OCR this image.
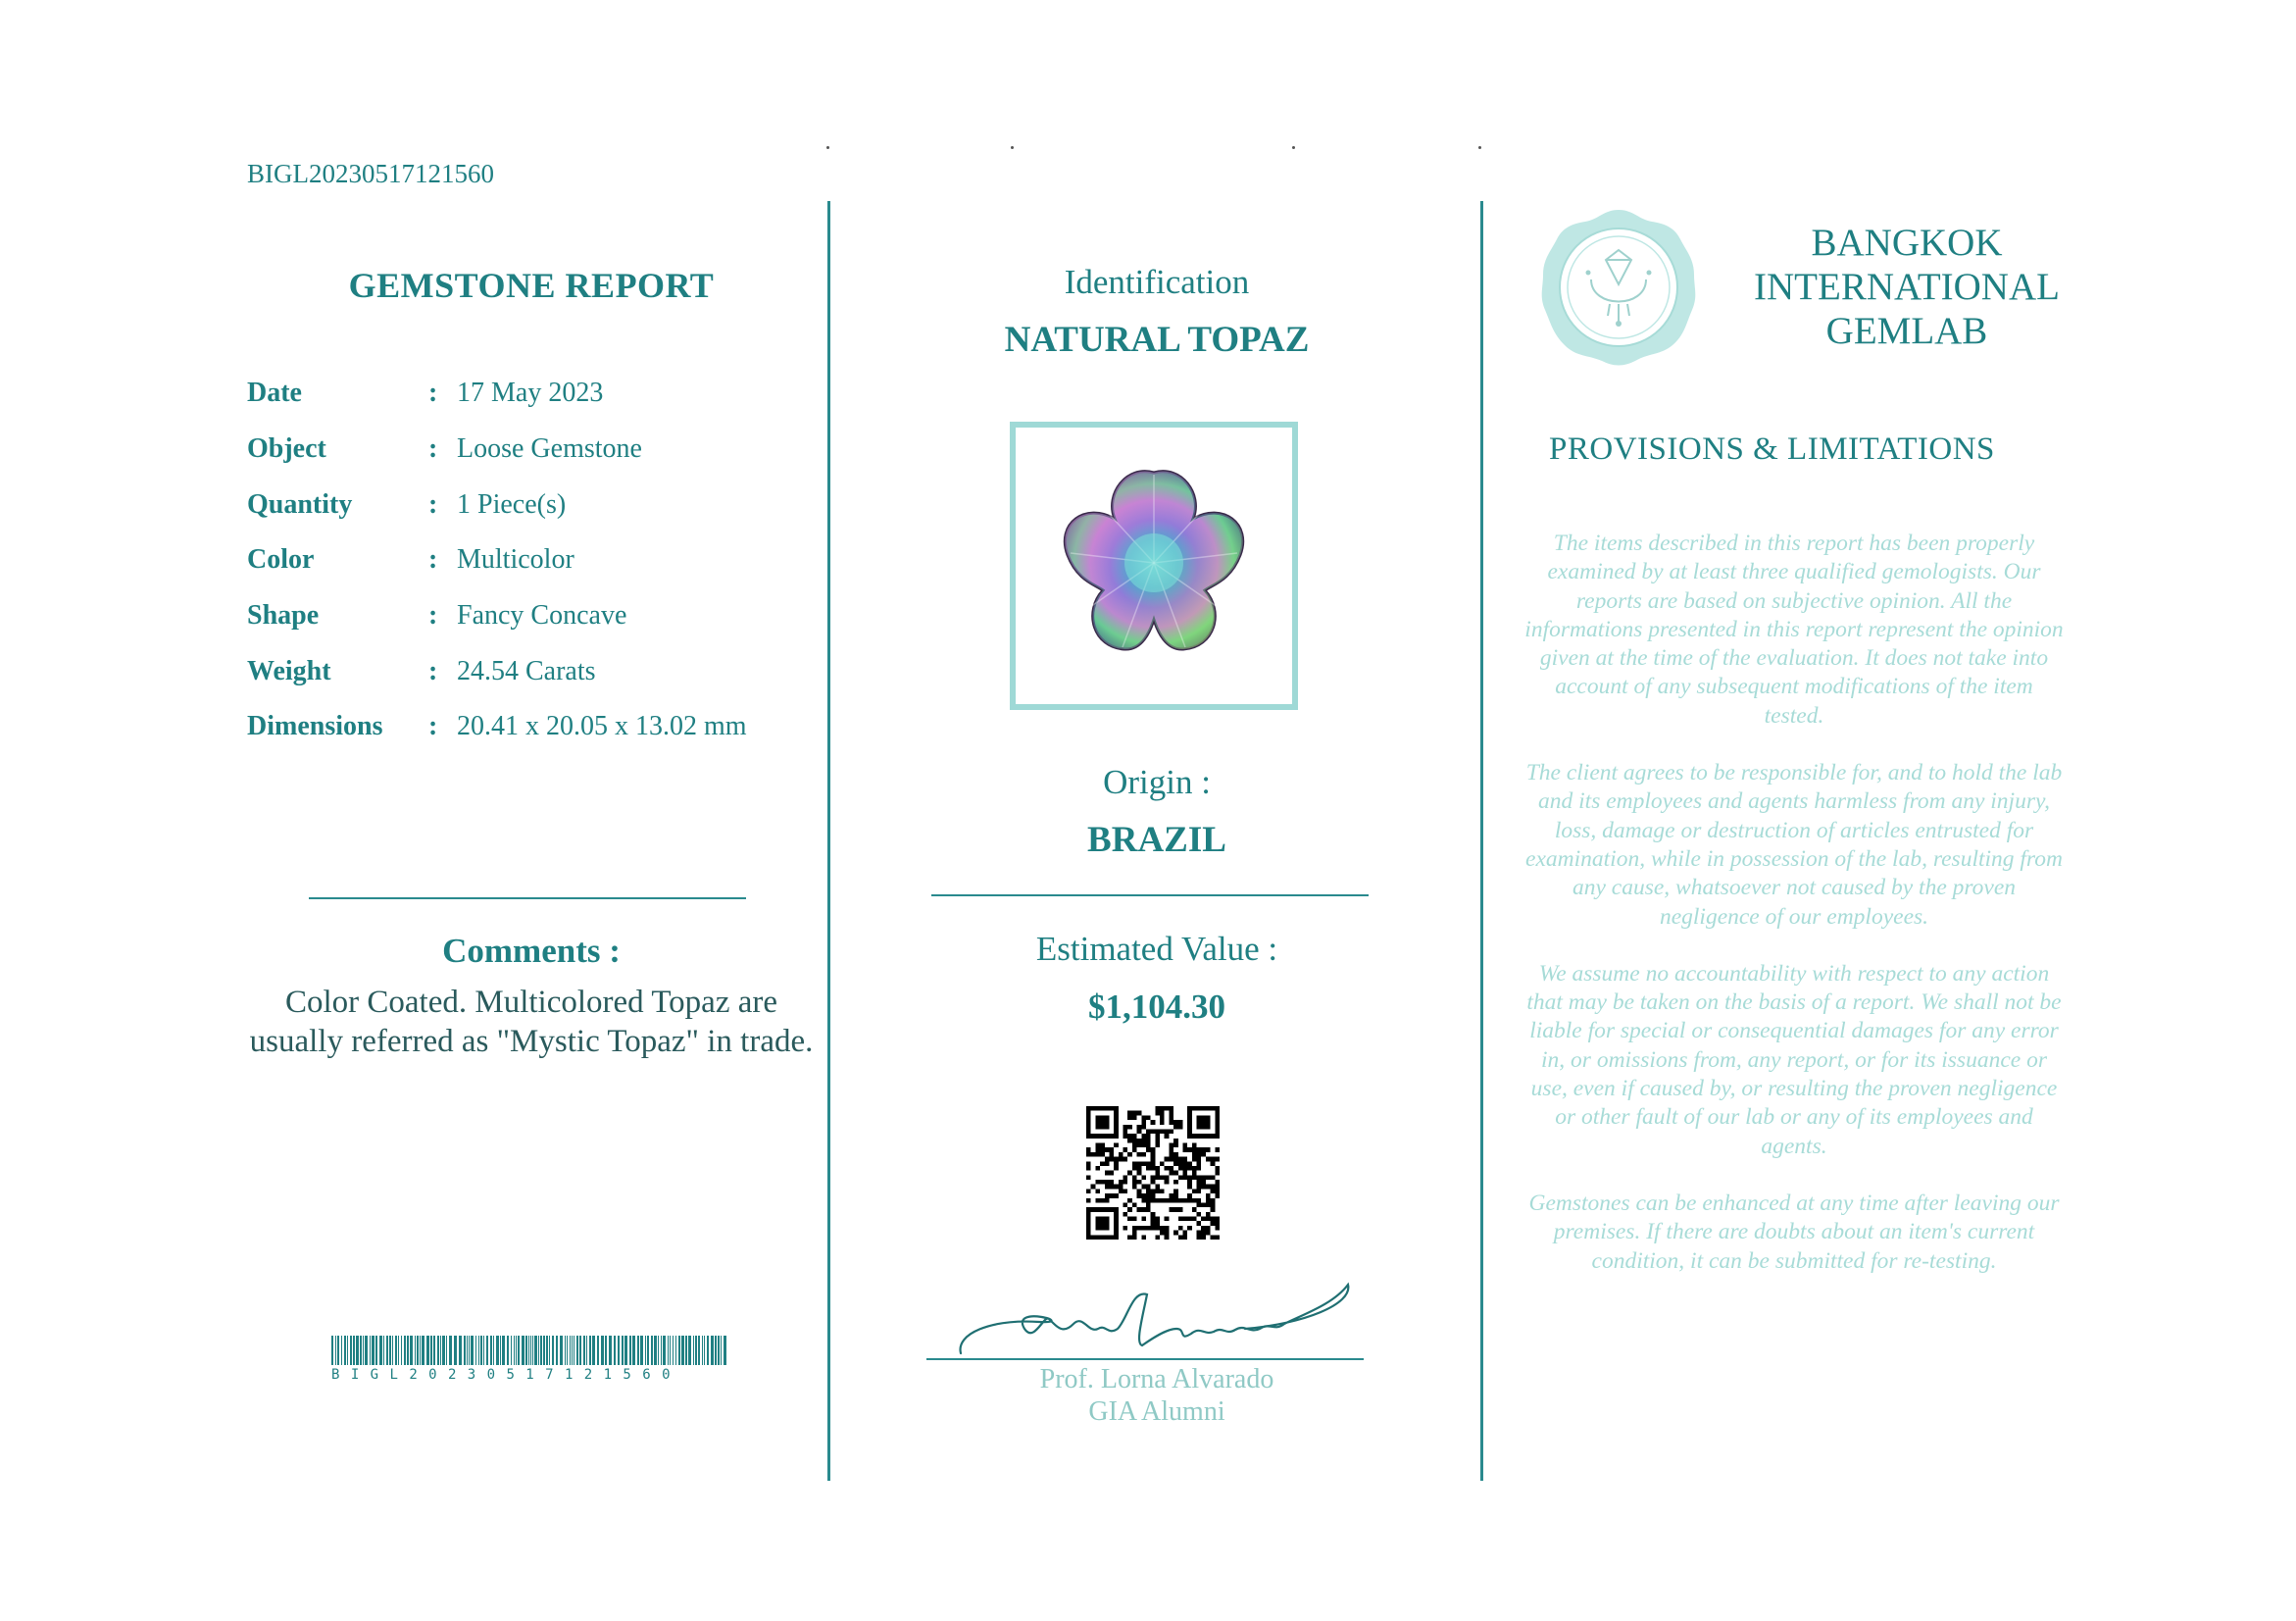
BIGL20230517121560
GEMSTONE REPORT
Date	: 17 May 2023
Object	: Loose Gemstone
Quantity	: 1 Piece(s)
Color	: Multicolor
Shape	: Fancy Concave
Weight	: 24.54 Carats
Dimensions : 20.41 x 20.05 x 13.02 mm
Comments :
Color Coated. Multicolored Topaz are usually referred as "Mystic Topaz" in trade.
BIGL20230517121560
Identification
NATURAL TOPAZ
Origin :
BRAZIL
Estimated Value :
$1,104.30
Prof. Lorna Alvarado
GIA Alumni
BANGKOK
INTERNATIONAL
GEMLAB
PROVISIONS & LIMITATIONS

The items described in this report has been properly examined by at least three qualified gemologists. Our reports are based on subjective opinion. All the informations presented in this report represent the opinion given at the time of the evaluation. It does not take into account of any subsequent modifications of the item tested.

The client agrees to be responsible for, and to hold the lab and its employees and agents harmless from any injury, loss, damage or destruction of articles entrusted for examination, while in possession of the lab, resulting from any cause, whatsoever not caused by the proven negligence of our employees.

We assume no accountability with respect to any action that may be taken on the basis of a report. We shall not be liable for special or consequential damages for any error in, or omissions from, any report, or for its issuance or use, even if caused by, or resulting the proven negligence or other fault of our lab or any of its employees and agents.

Gemstones can be enhanced at any time after leaving our premises. If there are doubts about an item's current condition, it can be submitted for re-testing.
